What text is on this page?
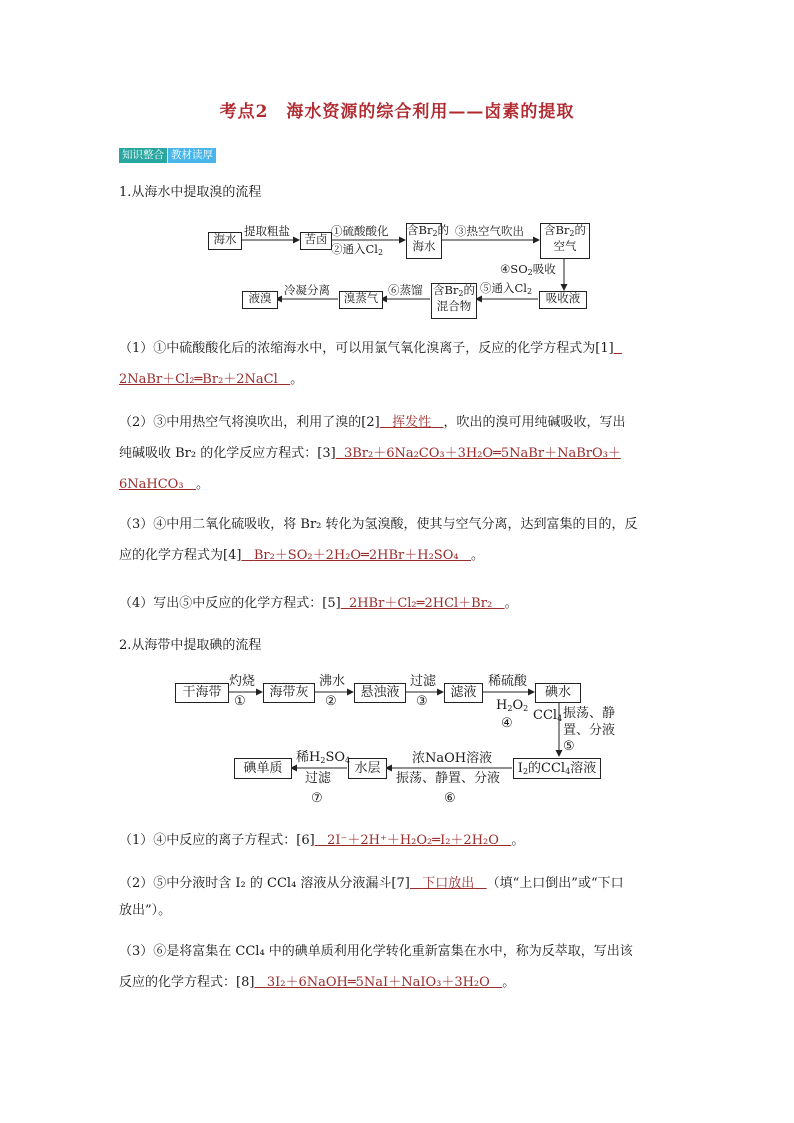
考点2　海水资源的综合利用——卤素的提取
知识整合 教材读厚
1.从海水中提取溴的流程
海水
提取粗盐
苦卤
①硫酸酸化
②通入$Cl_2$
含$Br_2$的
海水
③热空气吹出 含$Br_2$的
空气
$④SO_2$吸收
吸收液
⑤通入$Cl_2$
含$Br_2$的
混合物
⑥蒸馏
溴蒸气
冷凝分离
液溴
（1）①中硫酸酸化后的浓缩海水中，可以用氯气氧化溴离子，反应的化学方程式为[1]
2NaBr＋Cl₂═Br₂＋2NaCl 。
（2）③中用热空气将溴吹出，利用了溴的[2] 挥发性 ，吹出的溴可用纯碱吸收，写出
纯碱吸收 Br₂ 的化学反应方程式：[3] 3Br₂＋6Na₂CO₃＋3H₂O═5NaBr＋NaBrO₃＋
6NaHCO₃ 。
（3）④中用二氧化硫吸收，将 Br₂ 转化为氢溴酸，使其与空气分离，达到富集的目的，反
应的化学方程式为[4] Br₂＋SO₂＋2H₂O═2HBr＋H₂SO₄ 。
（4）写出⑤中反应的化学方程式：[5] 2HBr＋Cl₂═2HCl＋Br₂ 。
2.从海带中提取碘的流程
干海带
灼烧
①
海带灰
沸水
②
悬浊液
过滤
③
滤液
稀硫酸
$H_2O_2$
④
碘水
CCl$_4$ 振荡、静
置、分液
⑤
$I_2$的CCl$_4$溶液
浓NaOH溶液
振荡、静置、分液
⑥
水层
稀$H_2SO_4$
过滤
⑦
碘单质
（1）④中反应的离子方程式：[6] 2I⁻＋2H⁺＋H₂O₂═I₂＋2H₂O 。
（2）⑤中分液时含 I₂ 的 CCl₄ 溶液从分液漏斗[7] 下口放出 （填“上口倒出”或“下口
放出”）。
（3）⑥是将富集在 CCl₄ 中的碘单质利用化学转化重新富集在水中，称为反萃取，写出该
反应的化学方程式：[8] 3I₂＋6NaOH═5NaI＋NaIO₃＋3H₂O 。
